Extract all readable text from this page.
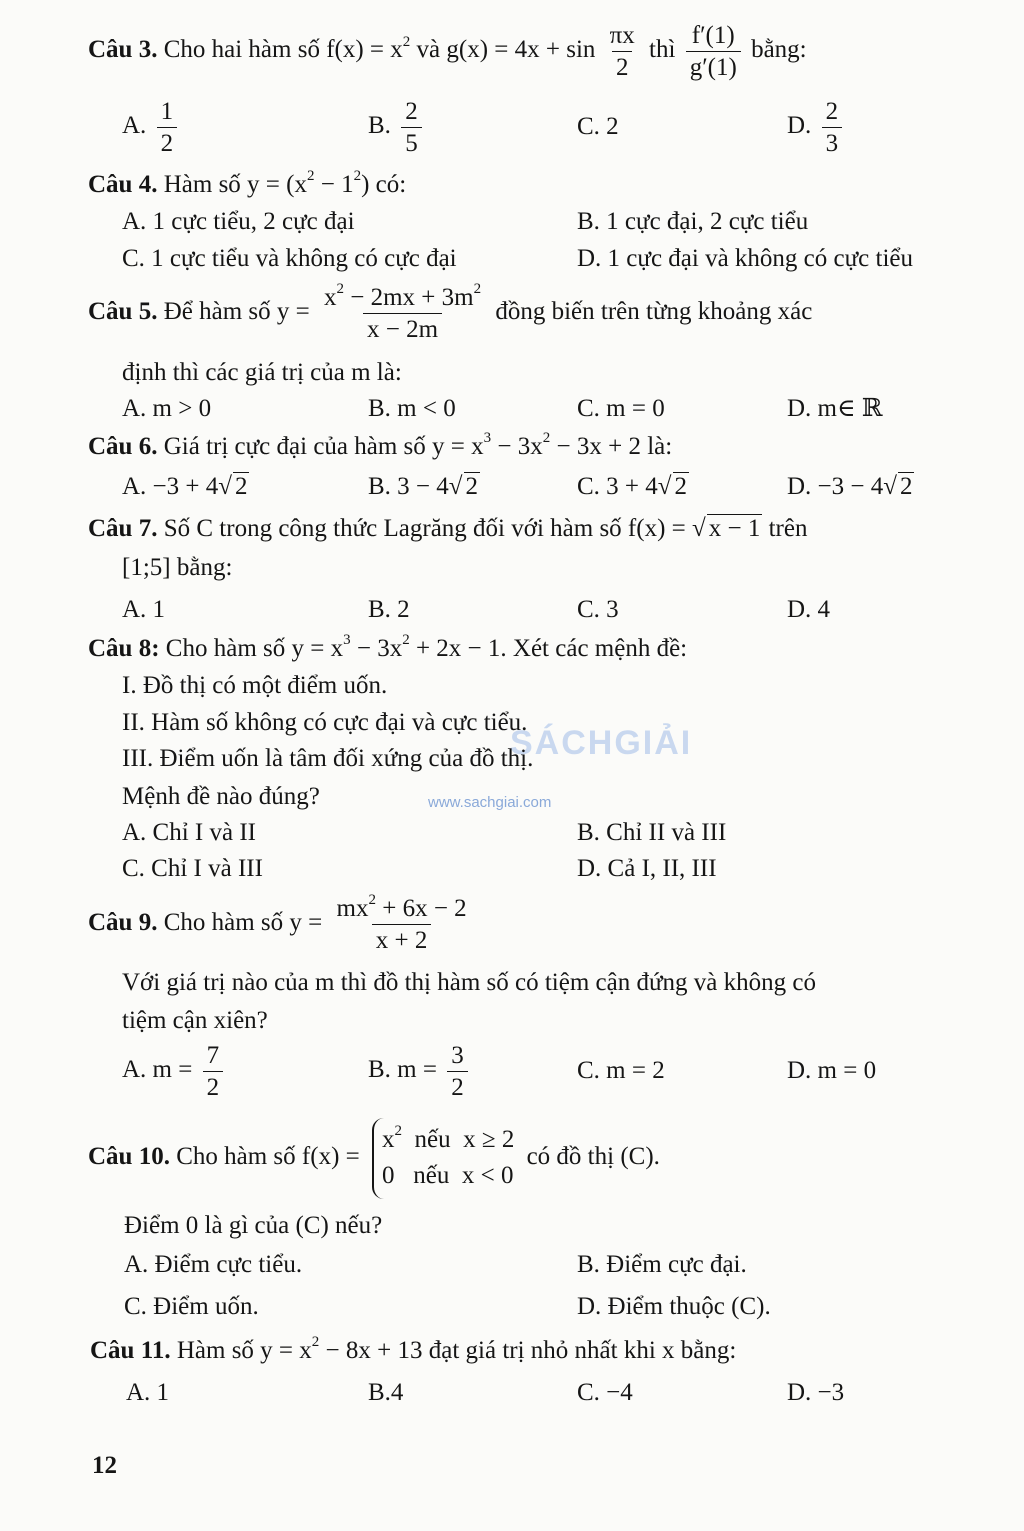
SÁCHGIẢI
www.sachgiai.com
Câu 3. Cho hai hàm số $f(x) = x^2$ và $g(x) = 4x + \sin \frac{\pi x}{2}$ thì $\frac{f'(1)}{g'(1)}$ bằng:
A. $\frac{1}{2}$	B. $\frac{2}{5}$	C. 2	D. $\frac{2}{3}$
Câu 4. Hàm số $y = (x^2 - 1^2)$ có:
A. 1 cực tiểu, 2 cực đại	B. 1 cực đại, 2 cực tiểu
C. 1 cực tiểu và không có cực đại	D. 1 cực đại và không có cực tiểu
Câu 5. Để hàm số $y = \frac{x^2 - 2mx + 3m^2}{x - 2m}$ đồng biến trên từng khoảng xác
định thì các giá trị của m là:
A. m > 0	B. m < 0	C. m = 0	D. m∈ ℝ
Câu 6. Giá trị cực đại của hàm số $y = x^3 - 3x^2 - 3x + 2$ là:
A. −3 + 4√ 2	B. 3 − 4√ 2	C. 3 + 4√ 2	D. −3 − 4√ 2
Câu 7. Số C trong công thức Lagrăng đối với hàm số f(x) = √ x − 1 trên
[1;5] bằng:
A. 1	B. 2	C. 3	D. 4
Câu 8: Cho hàm số $y = x^3 - 3x^2 + 2x - 1$. Xét các mệnh đề:
I. Đồ thị có một điểm uốn.
II. Hàm số không có cực đại và cực tiểu.
III. Điểm uốn là tâm đối xứng của đồ thị.
Mệnh đề nào đúng?
A. Chỉ I và II	B. Chỉ II và III
C. Chỉ I và III	D. Cả I, II, III
Câu 9. Cho hàm số $y = \frac{mx^2 + 6x - 2}{x + 2}$
Với giá trị nào của m thì đồ thị hàm số có tiệm cận đứng và không có
tiệm cận xiên?
A. $m = \frac{7}{2}$	B. $m = \frac{3}{2}$	C. m = 2	D. m = 0
Câu 10. Cho hàm số f(x) =
$x^2$  nếu  x ≥ 2
0   nếu  x < 0
có đồ thị (C).
Điểm 0 là gì của (C) nếu?
A. Điểm cực tiểu.	B. Điểm cực đại.
C. Điểm uốn.	D. Điểm thuộc (C).
Câu 11. Hàm số $y = x^2 - 8x + 13$ đạt giá trị nhỏ nhất khi x bằng:
A. 1	B.4	C. −4	D. −3
12
